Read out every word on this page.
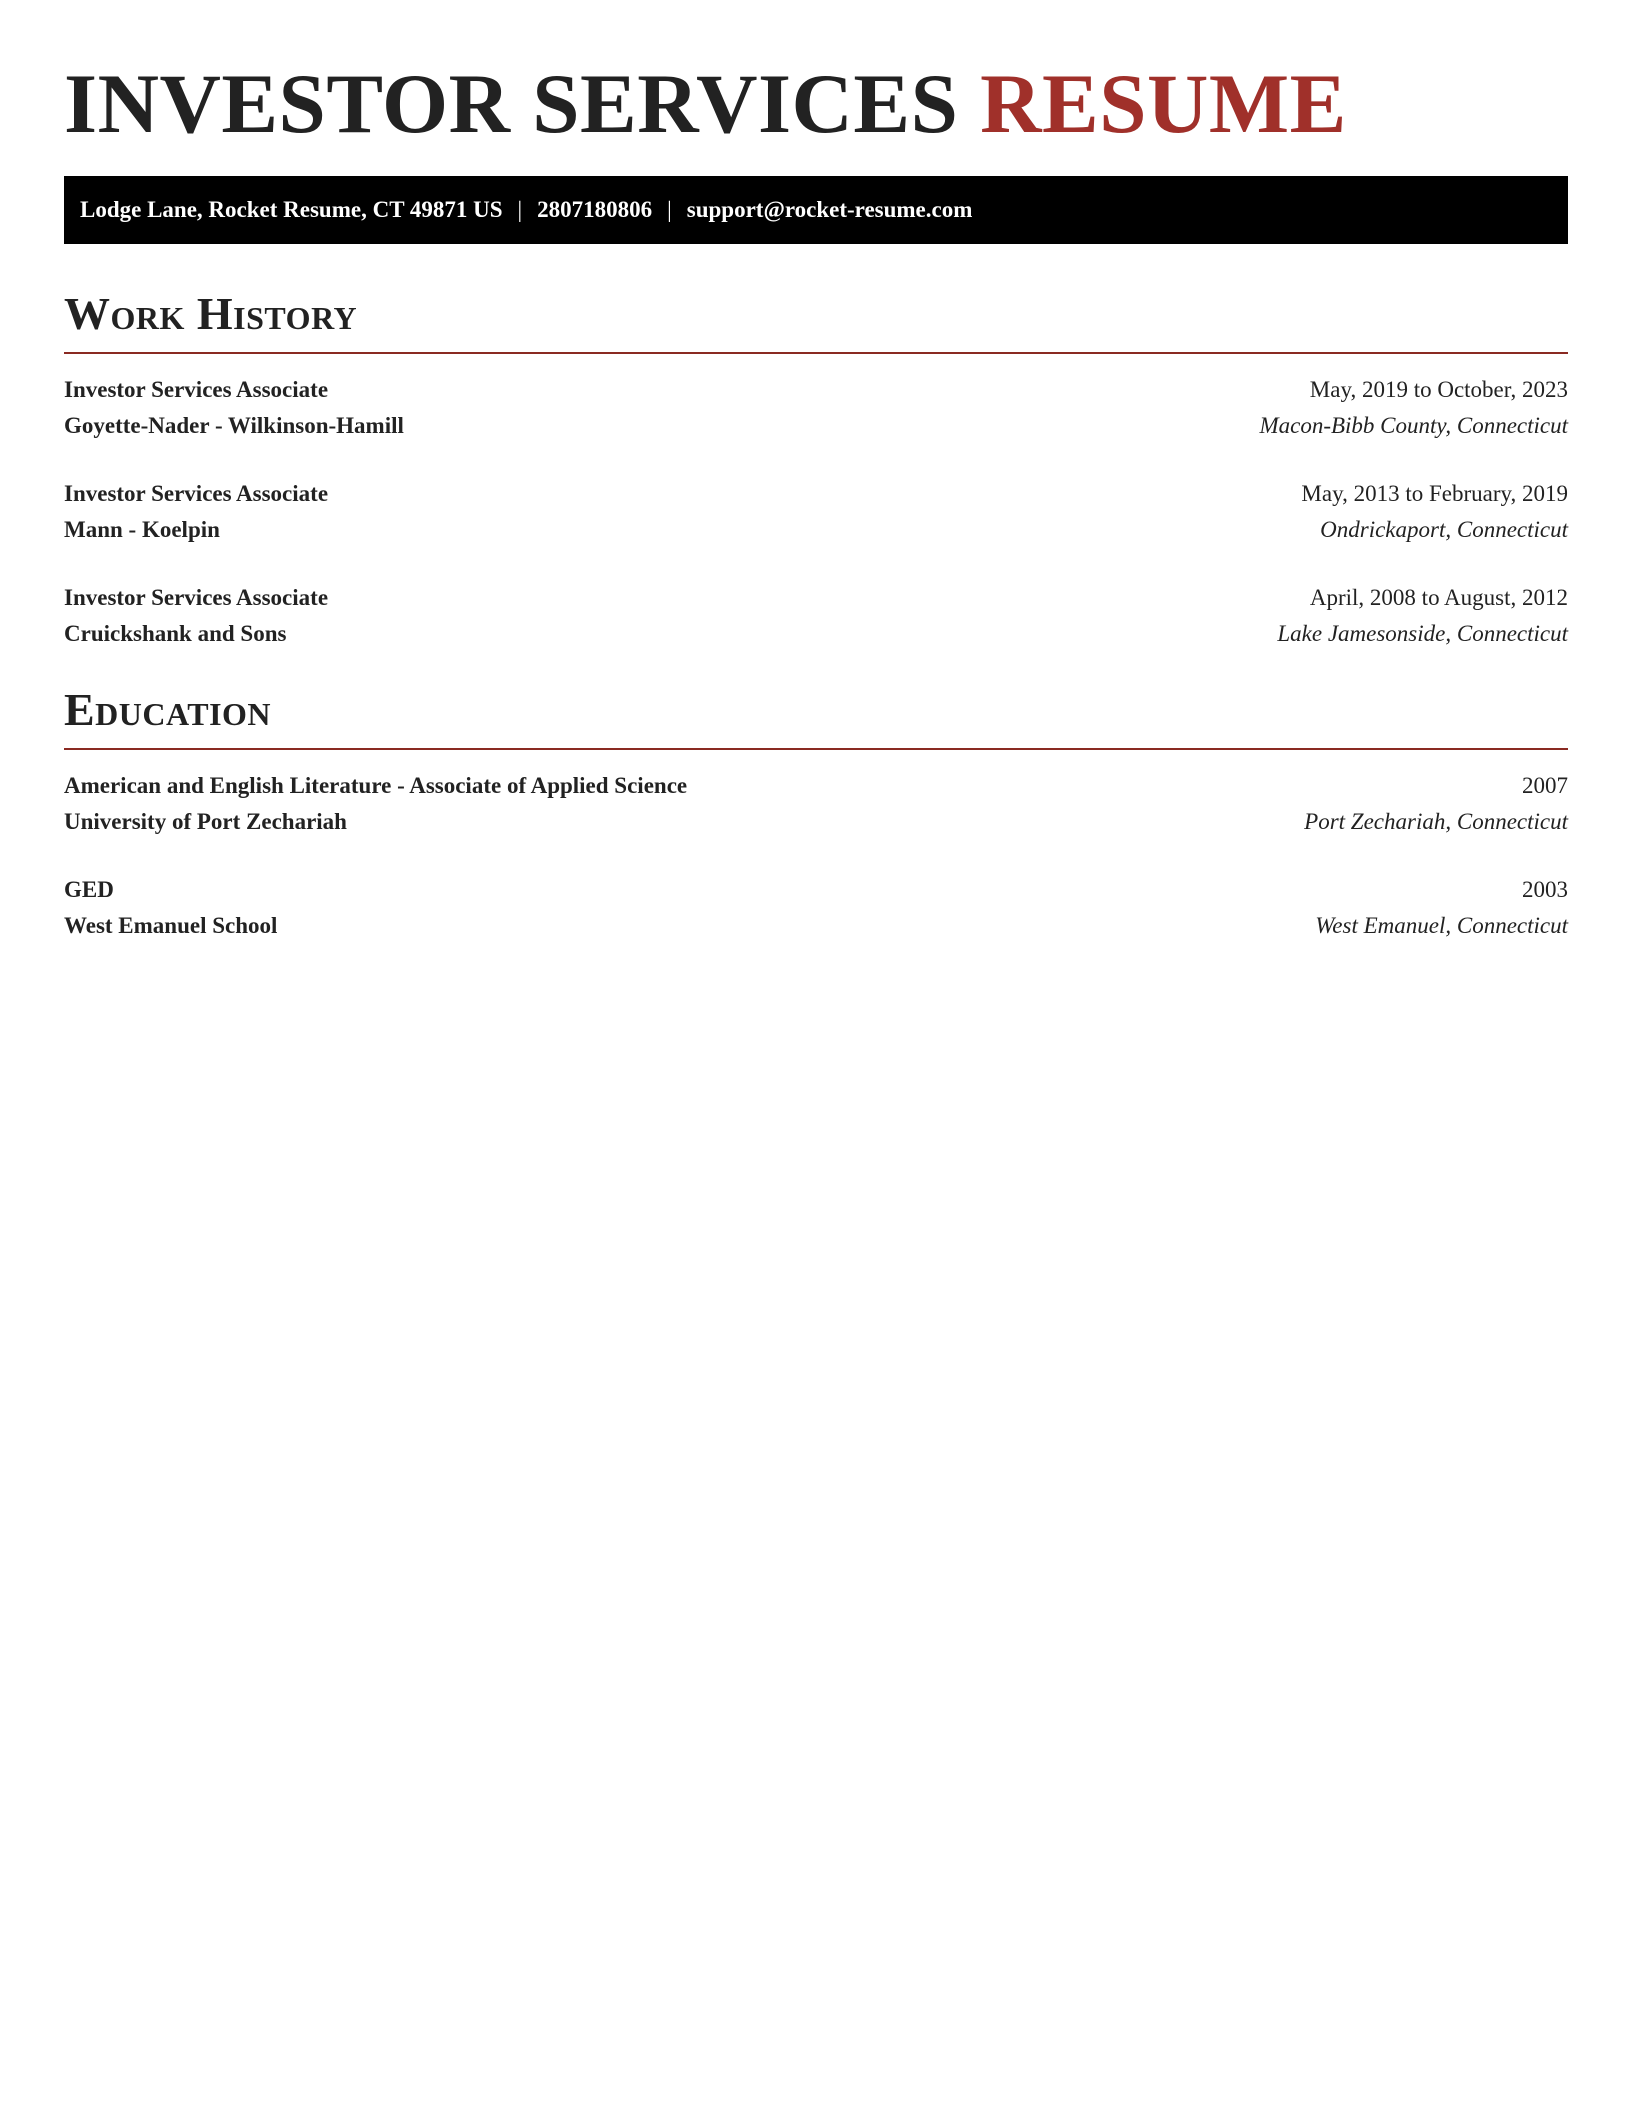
INVESTOR SERVICES RESUME
Lodge Lane, Rocket Resume, CT 49871 US | 2807180806 | support@rocket-resume.com
Work History
Investor Services Associate	May, 2019 to October, 2023
Goyette-Nader - Wilkinson-Hamill	Macon-Bibb County, Connecticut
Investor Services Associate	May, 2013 to February, 2019
Mann - Koelpin	Ondrickaport, Connecticut
Investor Services Associate	April, 2008 to August, 2012
Cruickshank and Sons	Lake Jamesonside, Connecticut
Education
American and English Literature - Associate of Applied Science	2007
University of Port Zechariah	Port Zechariah, Connecticut
GED	2003
West Emanuel School	West Emanuel, Connecticut
